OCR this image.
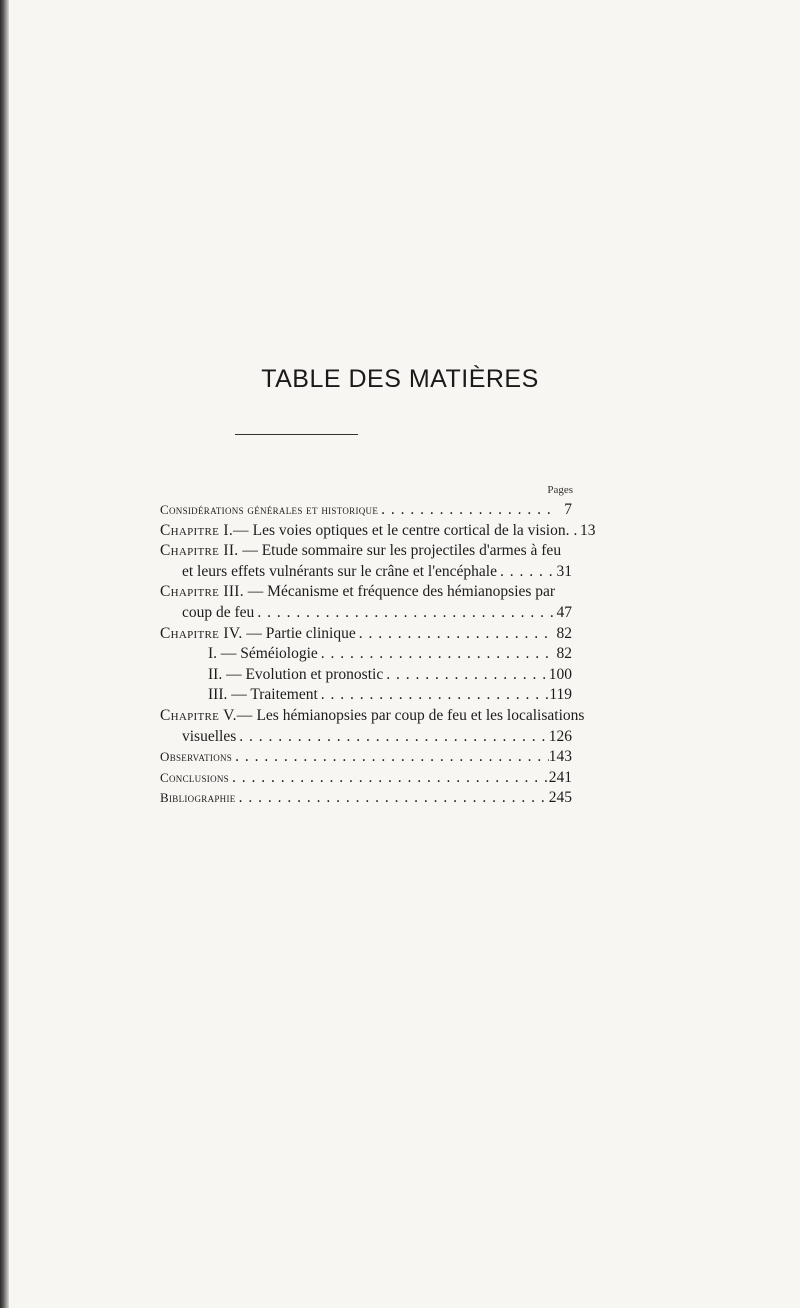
TABLE DES MATIÈRES
Pages
Considérations générales et historique . . .	7
Chapitre I.— Les voies optiques et le centre cortical de la vision. . . . 13
Chapitre II. — Etude sommaire sur les projectiles d'armes à feu
et leurs effets vulnérants sur le crâne et l'encéphale . . .	31
Chapitre III. — Mécanisme et fréquence des hémianopsies par
coup de feu . . .	47
Chapitre IV. — Partie clinique . . .	82
I. — Séméiologie . . .	82
II. — Evolution et pronostic . . .	100
III. — Traitement . . .	119
Chapitre V.— Les hémianopsies par coup de feu et les localisations
visuelles . . .	126
Observations . . .	143
Conclusions . . .	241
Bibliographie . . .	245
